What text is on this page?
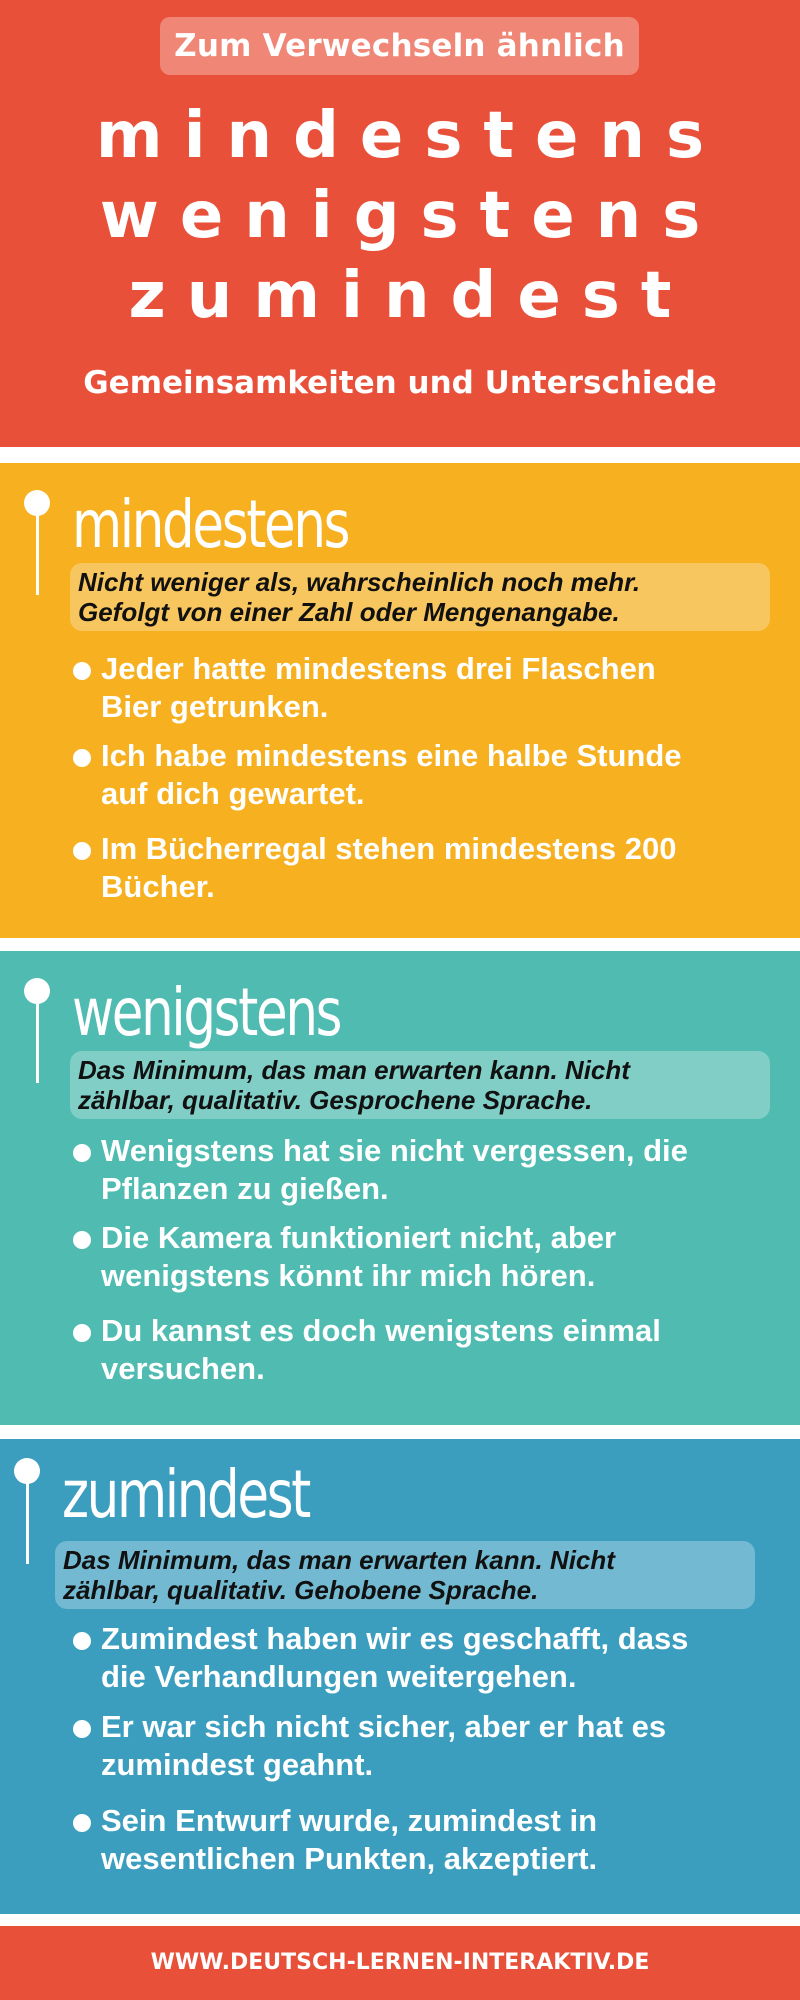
Zum Verwechseln ähnlich
mindestens
wenigstens
zumindest
Gemeinsamkeiten und Unterschiede
mindestens
Nicht weniger als, wahrscheinlich noch mehr.
Gefolgt von einer Zahl oder Mengenangabe.
Jeder hatte mindestens drei Flaschen
Bier getrunken.
Ich habe mindestens eine halbe Stunde
auf dich gewartet.
Im Bücherregal stehen mindestens 200
Bücher.
wenigstens
Das Minimum, das man erwarten kann. Nicht
zählbar, qualitativ. Gesprochene Sprache.
Wenigstens hat sie nicht vergessen, die
Pflanzen zu gießen.
Die Kamera funktioniert nicht, aber
wenigstens könnt ihr mich hören.
Du kannst es doch wenigstens einmal
versuchen.
zumindest
Das Minimum, das man erwarten kann. Nicht
zählbar, qualitativ. Gehobene Sprache.
Zumindest haben wir es geschafft, dass
die Verhandlungen weitergehen.
Er war sich nicht sicher, aber er hat es
zumindest geahnt.
Sein Entwurf wurde, zumindest in
wesentlichen Punkten, akzeptiert.
WWW.DEUTSCH-LERNEN-INTERAKTIV.DE
